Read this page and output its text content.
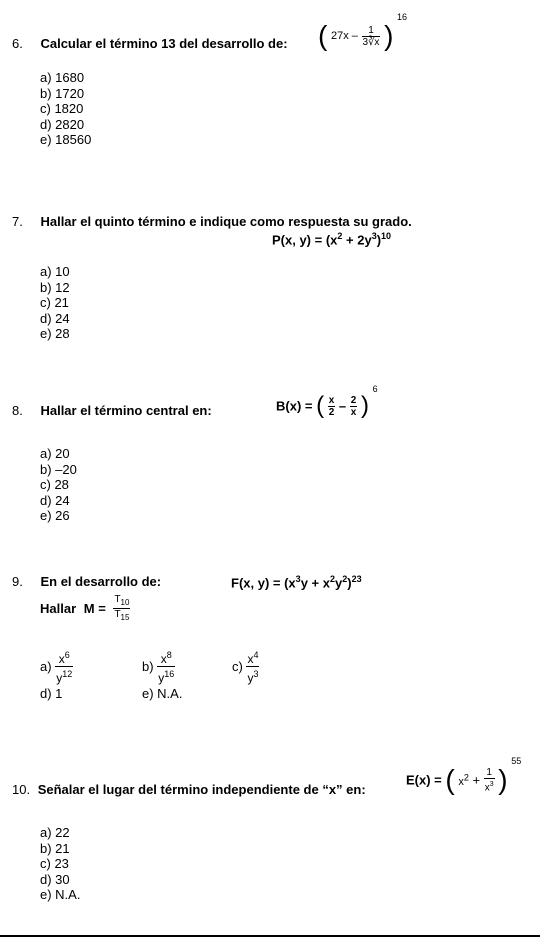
6. Calcular el término 13 del desarrollo de: ( $27x - \frac{1}{3∛x}$ ) $^{16}$
a) 1680
b) 1720
c) 1820
d) 2820
e) 18560
7. Hallar el quinto término e indique como respuesta su grado.
P(x, $y) = (x^2 + 2y^3)^{10}$
a) 10
b) 12
c) 21
d) 24
e) 28
8. Hallar el término central en:	B(x) = ( $\frac{x}{2} - \frac{2}{x}$ ) $^6$
a) 20
b) –20
c) 28
d) 24
e) 26
9. En el desarrollo de:	F(x, $y) = (x^3y + x^2y^2)^{23}$
Hallar $M = \frac{T_{10}}{T_{15}}$
$a) \frac{x^6}{y^{12}}$	$b) \frac{x^8}{y^{16}}$	$c) \frac{x^4}{y^3}$
d) 1	e) N.A.
10. Señalar el lugar del término independiente de “x” en:
E(x) = ( $x^2 + \frac{1}{x^3}$ ) $^{55}$
a) 22
b) 21
c) 23
d) 30
e) N.A.
